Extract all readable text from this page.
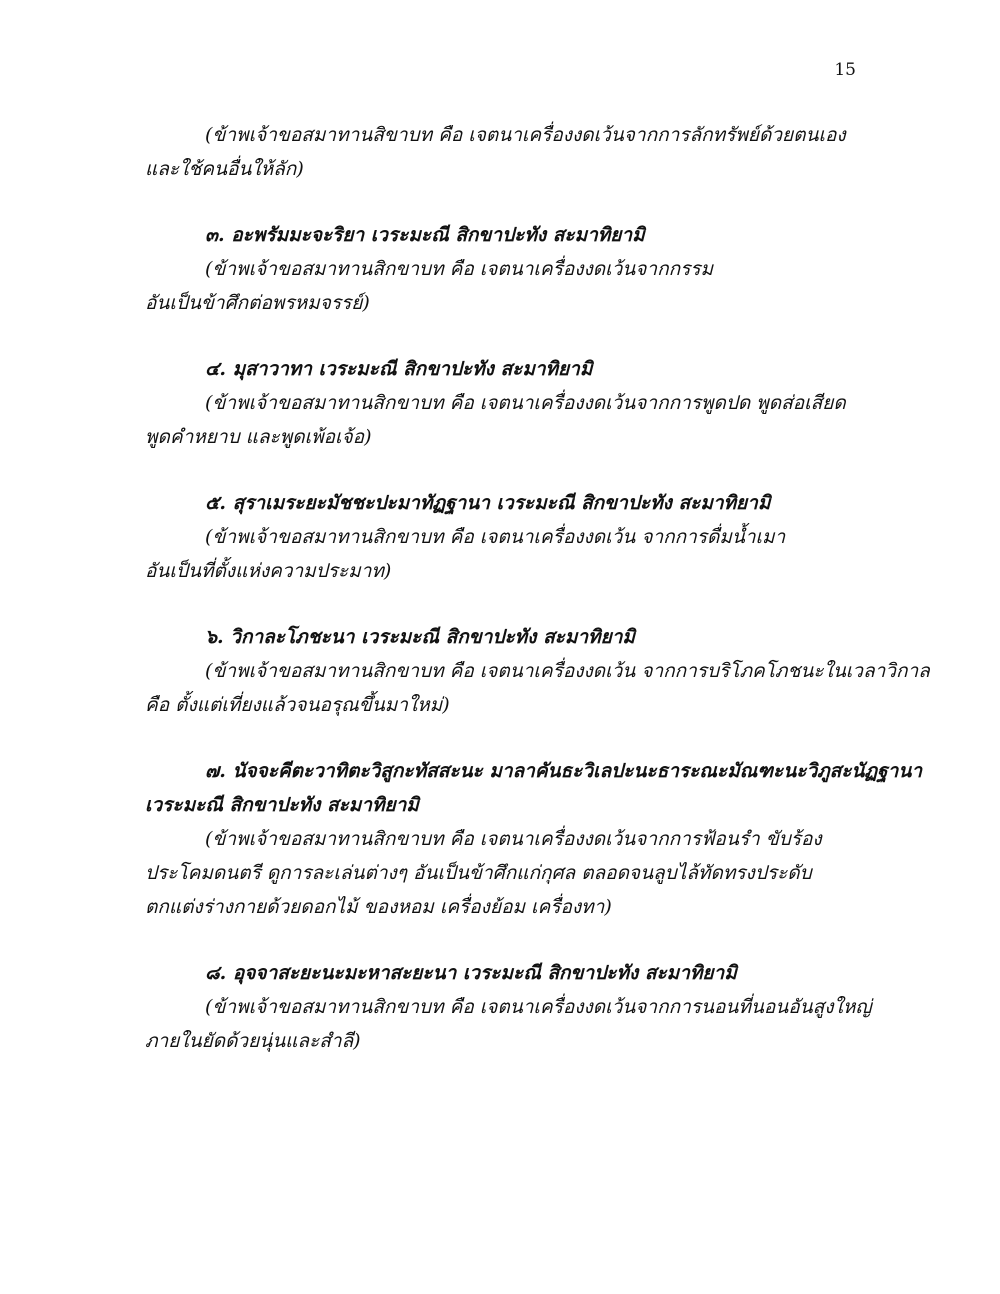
15
(ข้าพเจ้าขอสมาทานสิขาบท คือ เจตนาเครื่องงดเว้นจากการลักทรัพย์ด้วยตนเอง
และใช้คนอื่นให้ลัก)
๓. อะพรัมมะจะริยา เวระมะณี สิกขาปะทัง สะมาทิยามิ
(ข้าพเจ้าขอสมาทานสิกขาบท คือ เจตนาเครื่องงดเว้นจากกรรม
อันเป็นข้าศึกต่อพรหมจรรย์)
๔. มุสาวาทา เวระมะณี สิกขาปะทัง สะมาทิยามิ
(ข้าพเจ้าขอสมาทานสิกขาบท คือ เจตนาเครื่องงดเว้นจากการพูดปด พูดส่อเสียด
พูดคำหยาบ และพูดเพ้อเจ้อ)
๕. สุราเมระยะมัชชะปะมาทัฏฐานา เวระมะณี สิกขาปะทัง สะมาทิยามิ
(ข้าพเจ้าขอสมาทานสิกขาบท คือ เจตนาเครื่องงดเว้น จากการดื่มน้ำเมา
อันเป็นที่ตั้งแห่งความประมาท)
๖. วิกาละโภชะนา เวระมะณี สิกขาปะทัง สะมาทิยามิ
(ข้าพเจ้าขอสมาทานสิกขาบท คือ เจตนาเครื่องงดเว้น จากการบริโภคโภชนะในเวลาวิกาล
คือ ตั้งแต่เที่ยงแล้วจนอรุณขึ้นมาใหม่)
๗. นัจจะคีตะวาทิตะวิสูกะทัสสะนะ มาลาคันธะวิเลปะนะธาระณะมัณฑะนะวิภูสะนัฏฐานา
เวระมะณี สิกขาปะทัง สะมาทิยามิ
(ข้าพเจ้าขอสมาทานสิกขาบท คือ เจตนาเครื่องงดเว้นจากการฟ้อนรำ ขับร้อง
ประโคมดนตรี ดูการละเล่นต่างๆ อันเป็นข้าศึกแก่กุศล ตลอดจนลูบไล้ทัดทรงประดับ
ตกแต่งร่างกายด้วยดอกไม้ ของหอม เครื่องย้อม เครื่องทา)
๘. อุจจาสะยะนะมะหาสะยะนา เวระมะณี สิกขาปะทัง สะมาทิยามิ
(ข้าพเจ้าขอสมาทานสิกขาบท คือ เจตนาเครื่องงดเว้นจากการนอนที่นอนอันสูงใหญ่
ภายในยัดด้วยนุ่นและสำลี)
